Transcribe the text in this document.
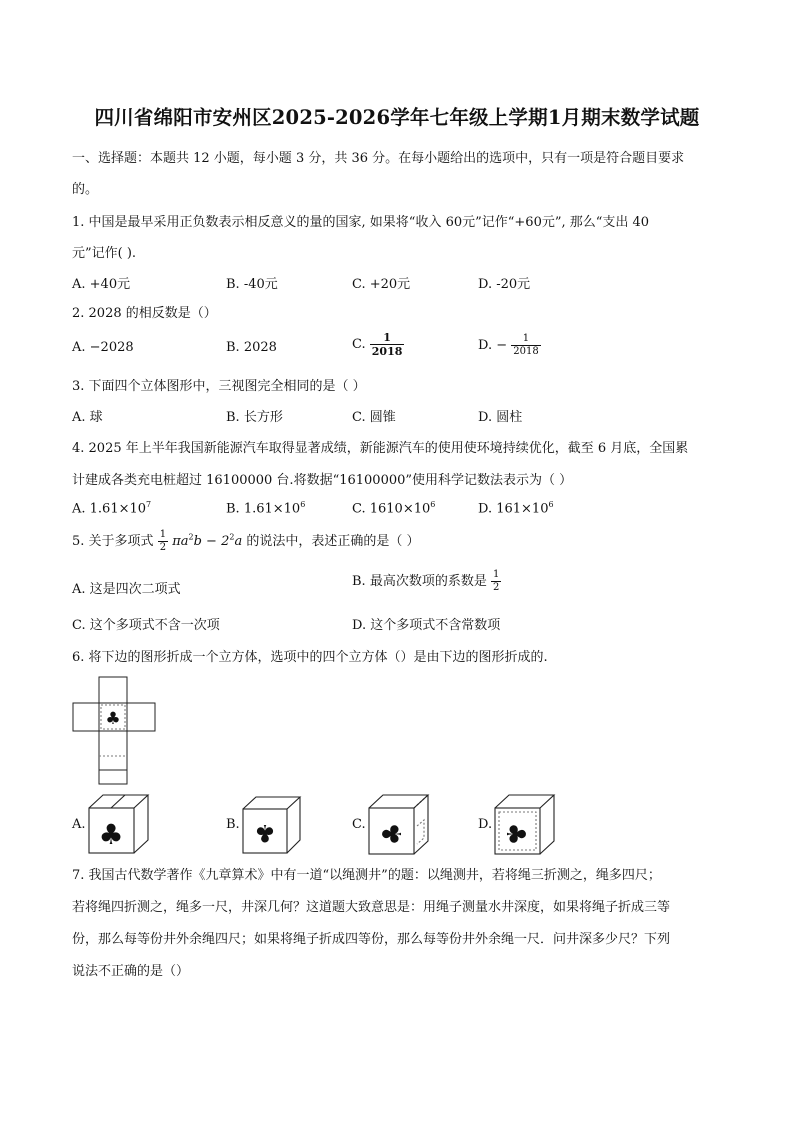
四川省绵阳市安州区2025-2026学年七年级上学期1月期末数学试题
一、选择题：本题共 12 小题，每小题 3 分，共 36 分。在每小题给出的选项中，只有一项是符合题目要求
的。
1. 中国是最早采用正负数表示相反意义的量的国家, 如果将“收入 60元”记作“+60元”, 那么“支出 40
元”记作( ).
A. +40元	B. -40元	C. +20元	D. -20元
2. 2028 的相反数是（）
A. −2028	B. 2028	C. $\frac{1}{2018}$	D. − $\frac{1}{2018}$
3. 下面四个立体图形中，三视图完全相同的是（ ）
A. 球	B. 长方形	C. 圆锥	D. 圆柱
4. 2025 年上半年我国新能源汽车取得显著成绩，新能源汽车的使用使环境持续优化，截至 6 月底，全国累
计建成各类充电桩超过 16100000 台.将数据“16100000”使用科学记数法表示为（ ）
A. $1.61\times 10^7$	B. $1.61\times 10^6$	C. $1610\times 10^6$	D. $161\times 10^6$
5. 关于多项式 $\frac{1}{2} \pi a^2b - 2^2a$ 的说法中，表述正确的是（ ）
A. 这是四次二项式
B. 最高次数项的系数是 $\frac{1}{2}$
C. 这个多项式不含一次项	D. 这个多项式不含常数项
6. 将下边的图形折成一个立方体，选项中的四个立方体（）是由下边的图形折成的.
♣
A. ♣	B. ♣	C. ♣	D. ♣
7. 我国古代数学著作《九章算术》中有一道“以绳测井”的题：以绳测井，若将绳三折测之，绳多四尺；
若将绳四折测之，绳多一尺，井深几何？这道题大致意思是：用绳子测量水井深度，如果将绳子折成三等
份，那么每等份井外余绳四尺；如果将绳子折成四等份，那么每等份井外余绳一尺．问井深多少尺？下列
说法不正确的是（）
